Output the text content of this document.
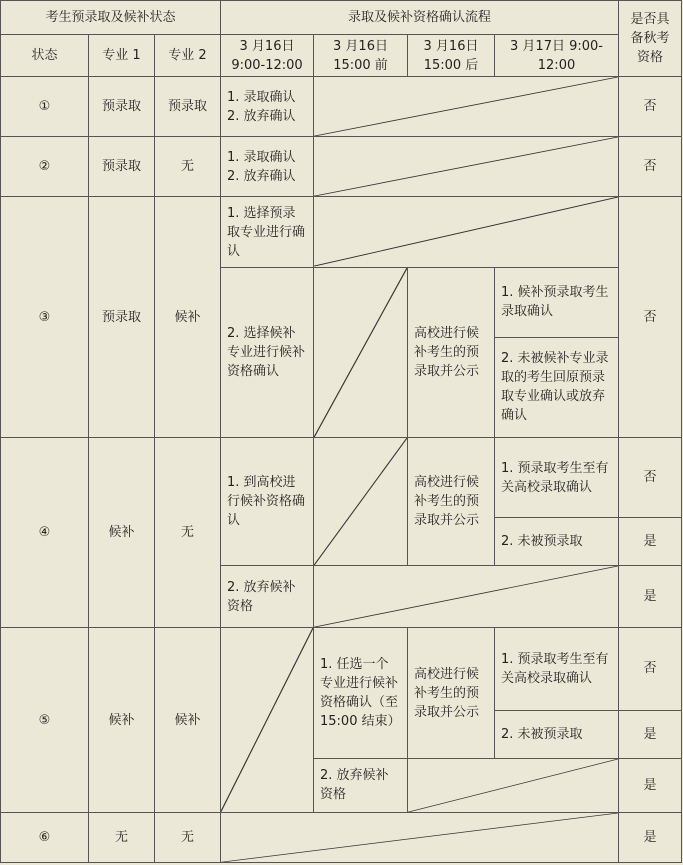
考生预录取及候补状态			录取及候补资格确认流程				是否具备秋考资格
状态	专业 1	专业 2	3 月16日 9:00-12:00	3 月16日 15:00 前	3 月16日 15:00 后	3 月17日 9:00-12:00	
①	预录取	预录取	1. 录取确认 2. 放弃确认				否
②	预录取	无	1. 录取确认 2. 放弃确认				否
③	预录取	候补	1. 选择预录取专业进行确认				否
			2. 选择候补专业进行候补资格确认		高校进行候补考生的预录取并公示	1. 候补预录取考生录取确认	
						2. 未被候补专业录取的考生回原预录取专业确认或放弃确认	
④	候补	无	1. 到高校进行候补资格确认		高校进行候补考生的预录取并公示	1. 预录取考生至有关高校录取确认	否
						2. 未被预录取	是
			2. 放弃候补资格				是
⑤	候补	候补		1. 任选一个专业进行候补资格确认（至 15:00 结束）	高校进行候补考生的预录取并公示	1. 预录取考生至有关高校录取确认	否
						2. 未被预录取	是
				2. 放弃候补资格			是
⑥	无	无					是
